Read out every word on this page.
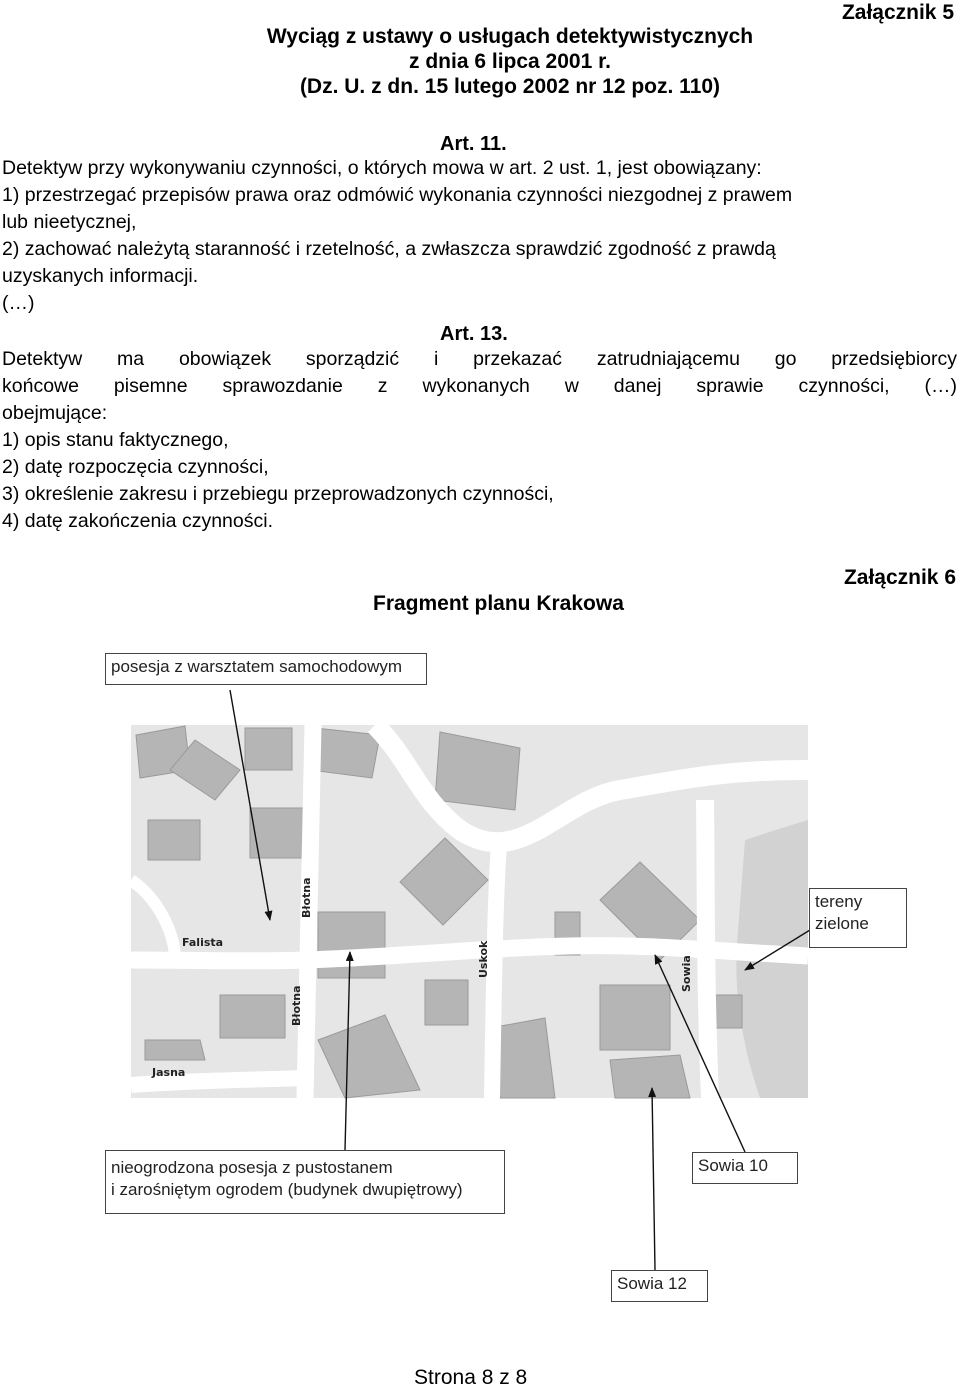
Załącznik 5
Wyciąg z ustawy o usługach detektywistycznych
z dnia 6 lipca 2001 r.
(Dz. U. z dn. 15 lutego 2002 nr 12 poz. 110)
Art. 11.
Detektyw przy wykonywaniu czynności, o których mowa w art. 2 ust. 1, jest obowiązany:
1) przestrzegać przepisów prawa oraz odmówić wykonania czynności niezgodnej z prawem
lub nieetycznej,
2) zachować należytą staranność i rzetelność, a zwłaszcza sprawdzić zgodność z prawdą
uzyskanych informacji.
(…)
Art. 13.
Detektyw ma obowiązek sporządzić i przekazać zatrudniającemu go przedsiębiorcy
końcowe pisemne sprawozdanie z wykonanych w danej sprawie czynności, (…)
obejmujące:
1) opis stanu faktycznego,
2) datę rozpoczęcia czynności,
3) określenie zakresu i przebiegu przeprowadzonych czynności,
4) datę zakończenia czynności.
Załącznik 6
Fragment planu Krakowa
Błotna
Falista
Błotna
Jasna
Uskok	Sowia
posesja z warsztatem samochodowym
tereny
zielone
nieogrodzona posesja z pustostanem
i zarośniętym ogrodem (budynek dwupiętrowy)
Sowia 10
Sowia 12
Strona 8 z 8
